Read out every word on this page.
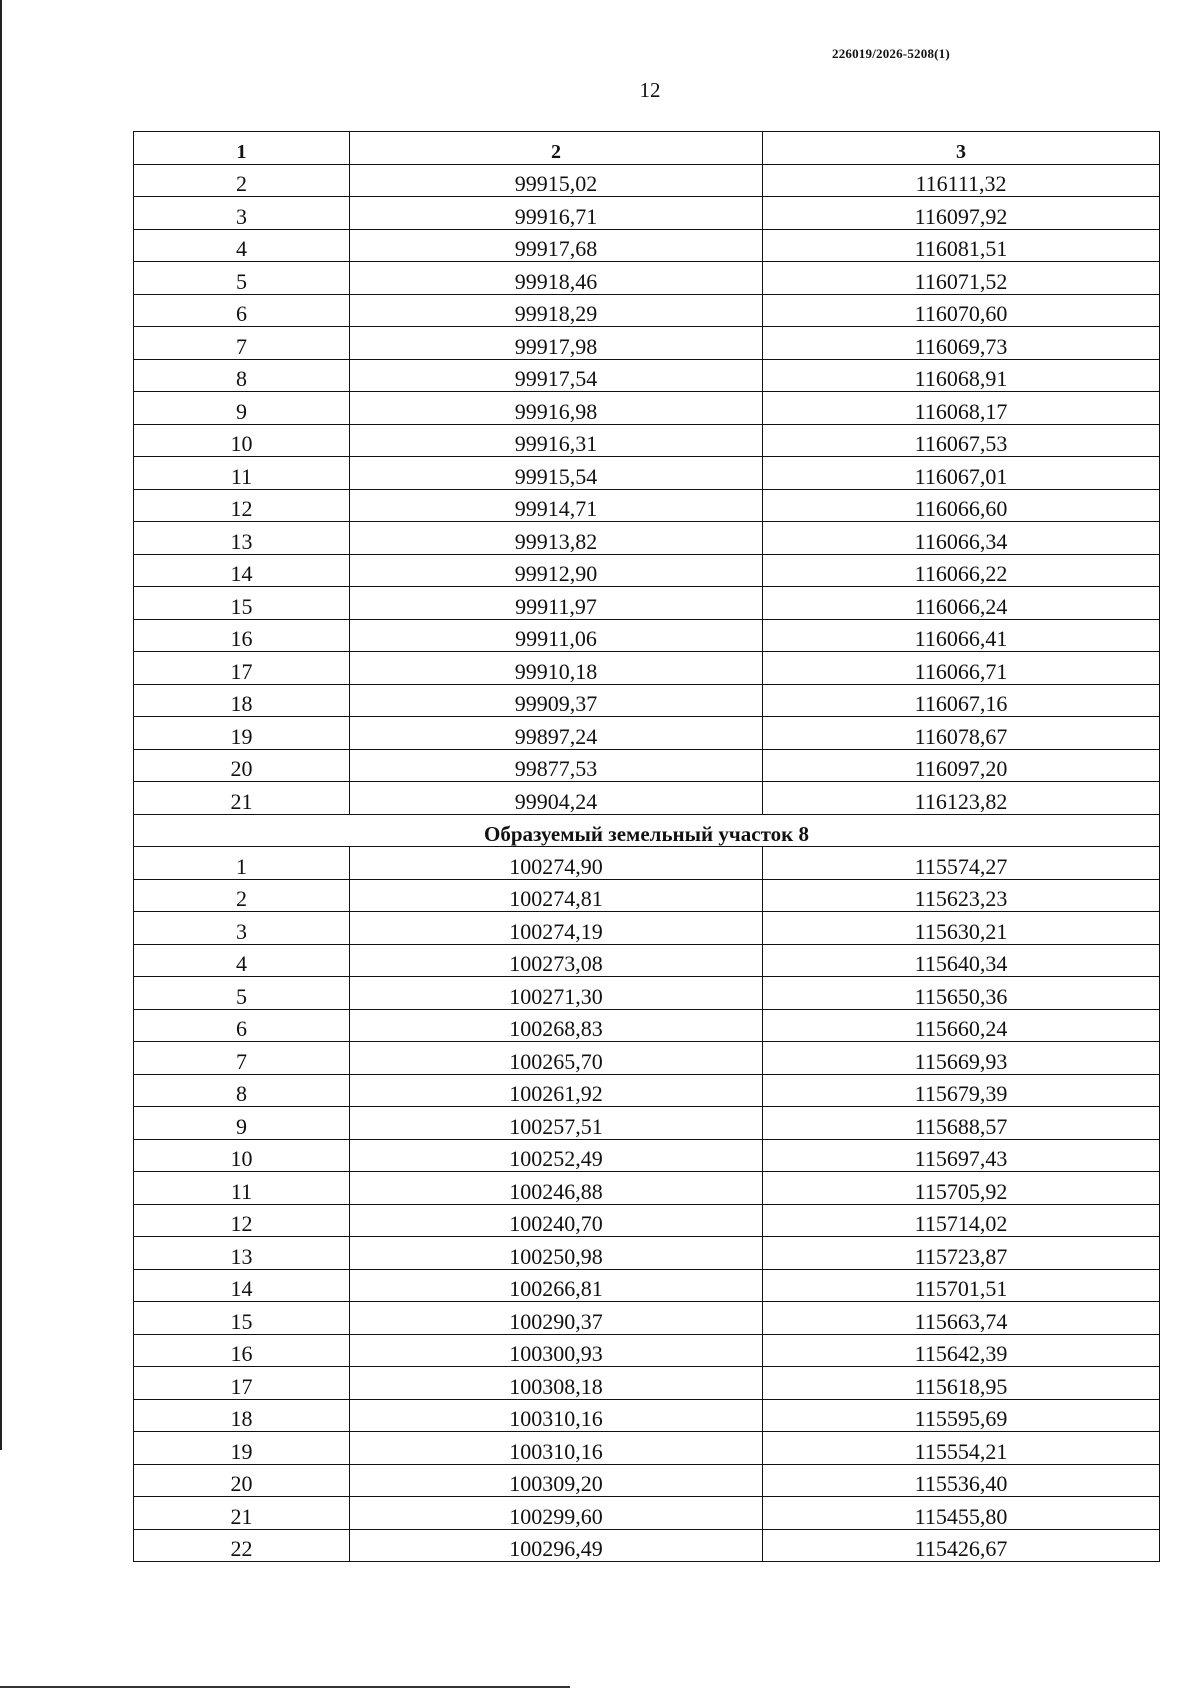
226019/2026-5208(1)
12
1	2	3
2	99915,02	116111,32
3	99916,71	116097,92
4	99917,68	116081,51
5	99918,46	116071,52
6	99918,29	116070,60
7	99917,98	116069,73
8	99917,54	116068,91
9	99916,98	116068,17
10	99916,31	116067,53
11	99915,54	116067,01
12	99914,71	116066,60
13	99913,82	116066,34
14	99912,90	116066,22
15	99911,97	116066,24
16	99911,06	116066,41
17	99910,18	116066,71
18	99909,37	116067,16
19	99897,24	116078,67
20	99877,53	116097,20
21	99904,24	116123,82
Образуемый земельный участок 8		
1	100274,90	115574,27
2	100274,81	115623,23
3	100274,19	115630,21
4	100273,08	115640,34
5	100271,30	115650,36
6	100268,83	115660,24
7	100265,70	115669,93
8	100261,92	115679,39
9	100257,51	115688,57
10	100252,49	115697,43
11	100246,88	115705,92
12	100240,70	115714,02
13	100250,98	115723,87
14	100266,81	115701,51
15	100290,37	115663,74
16	100300,93	115642,39
17	100308,18	115618,95
18	100310,16	115595,69
19	100310,16	115554,21
20	100309,20	115536,40
21	100299,60	115455,80
22	100296,49	115426,67
